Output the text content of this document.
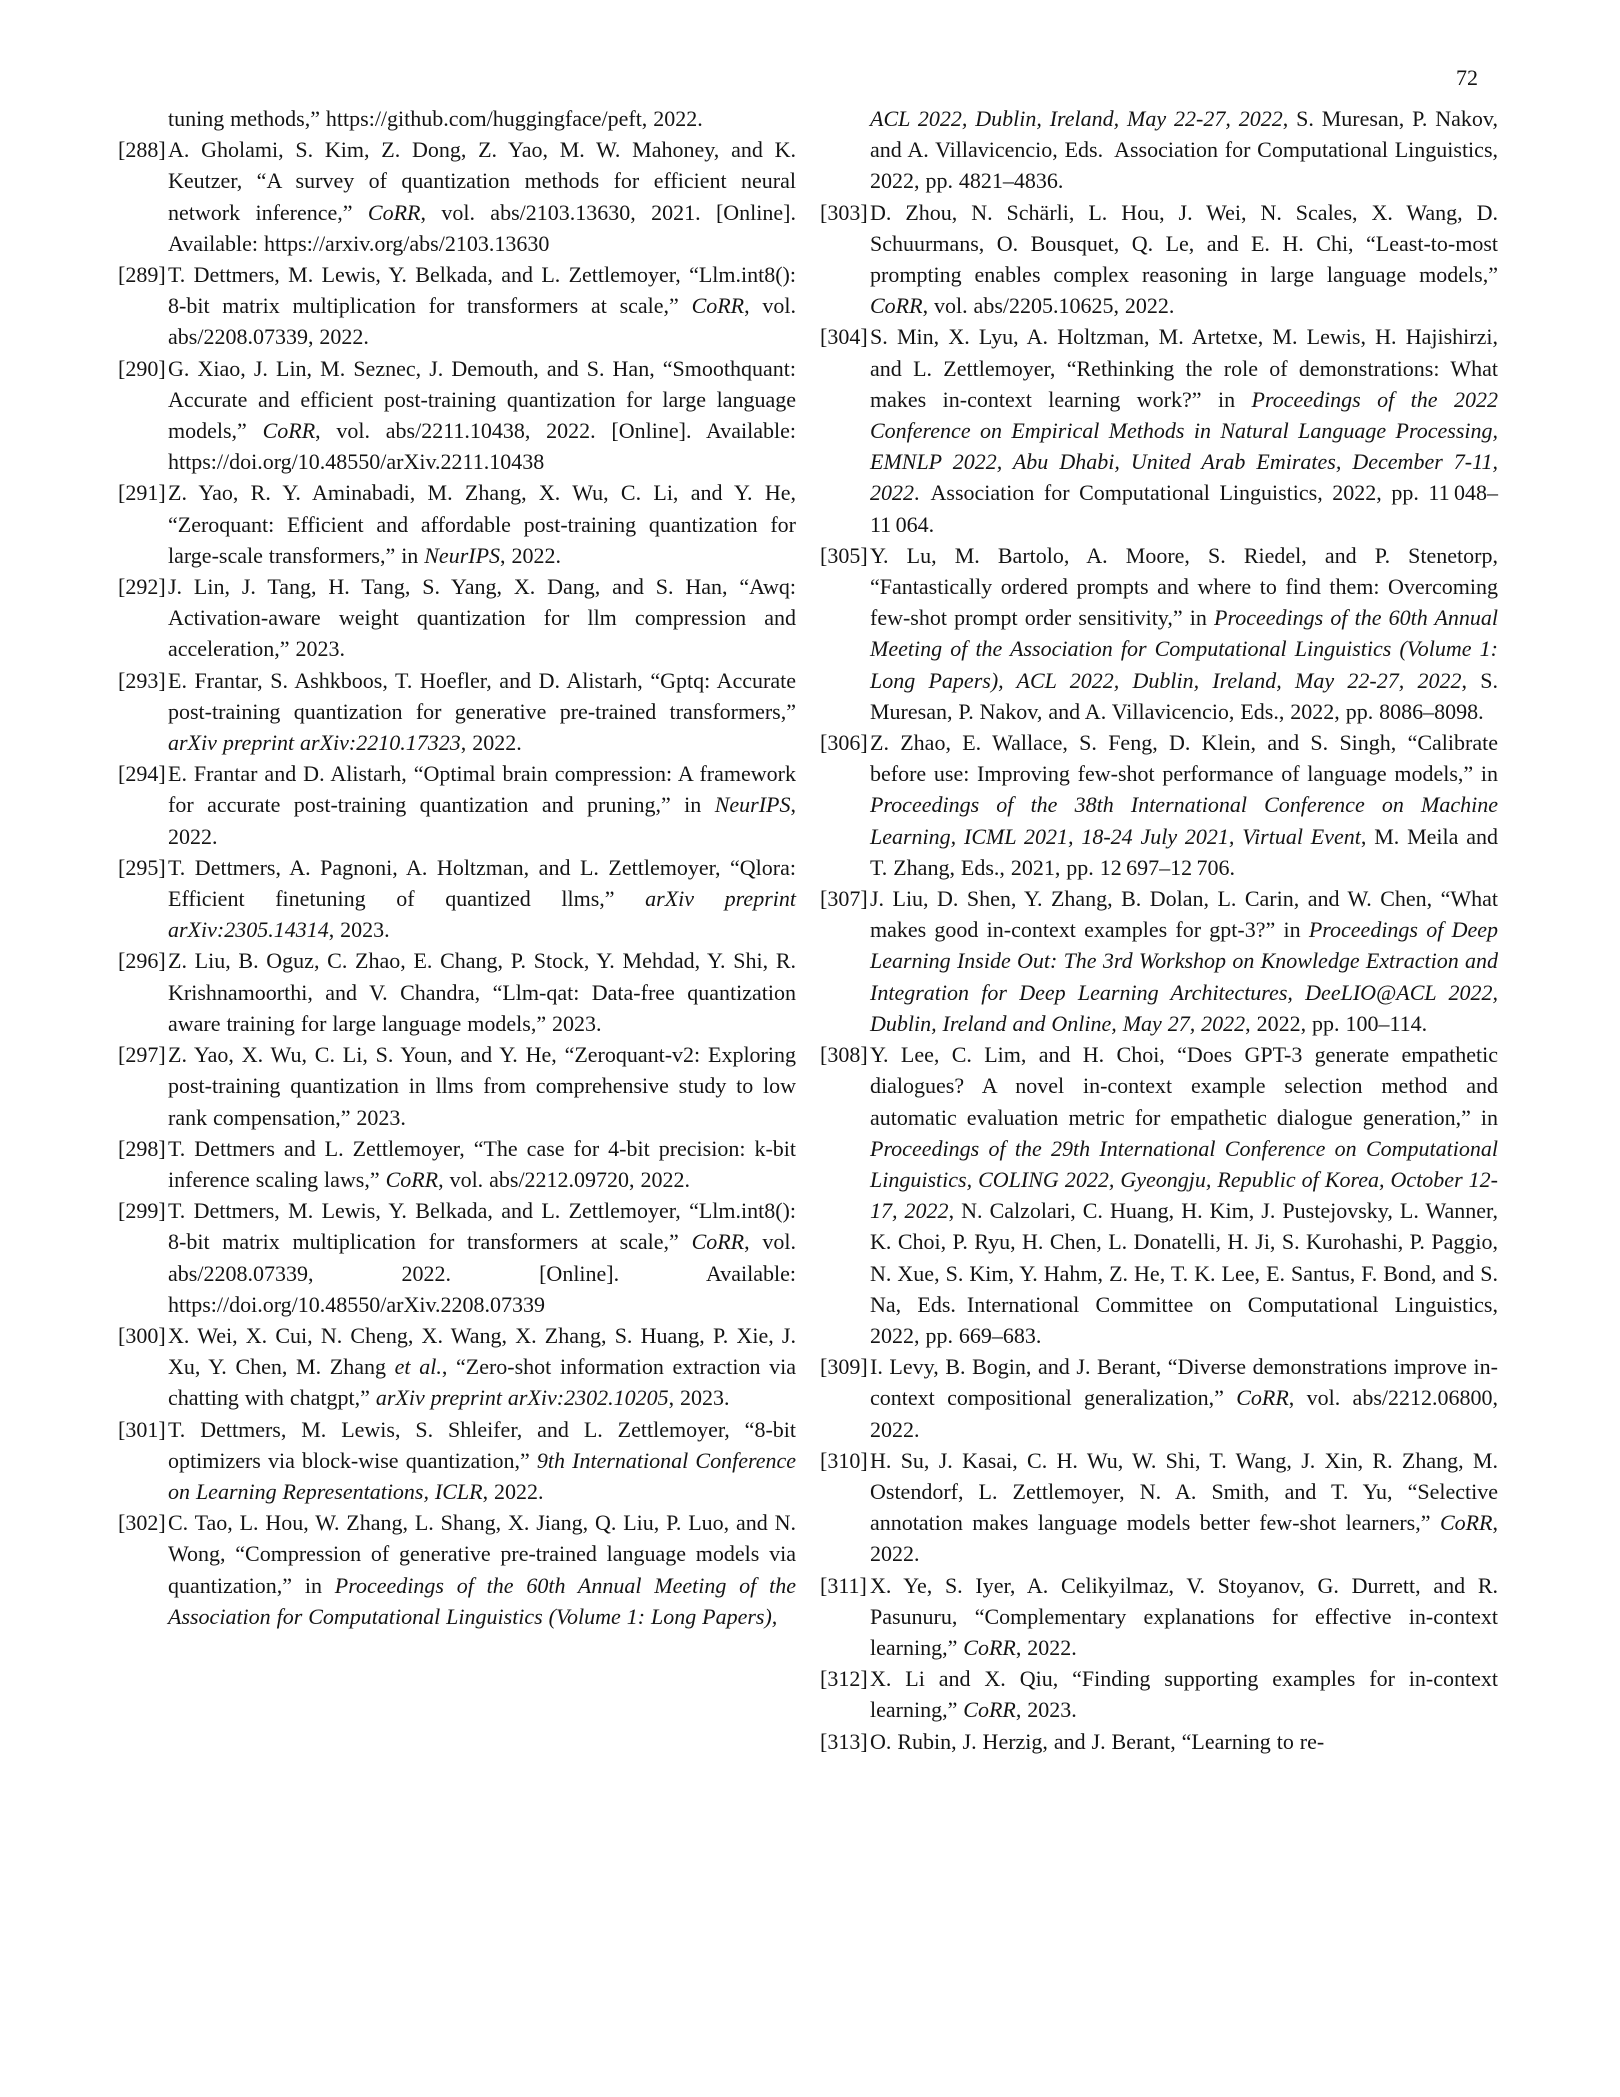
72
tuning methods,” https://github.com/huggingface/peft, 2022.
[288] A. Gholami, S. Kim, Z. Dong, Z. Yao, M. W. Mahoney, and K. Keutzer, “A survey of quantization methods for efficient neural network inference,” CoRR, vol. abs/2103.13630, 2021. [Online]. Available: https://arxiv.org/abs/2103.13630
[289] T. Dettmers, M. Lewis, Y. Belkada, and L. Zettlemoyer, “Llm.int8(): 8-bit matrix multiplication for transformers at scale,” CoRR, vol. abs/2208.07339, 2022.
[290] G. Xiao, J. Lin, M. Seznec, J. Demouth, and S. Han, “Smoothquant: Accurate and efficient post-training quantization for large language models,” CoRR, vol. abs/2211.10438, 2022. [Online]. Available: https://doi.org/10.48550/arXiv.2211.10438
[291] Z. Yao, R. Y. Aminabadi, M. Zhang, X. Wu, C. Li, and Y. He, “Zeroquant: Efficient and affordable post-training quantization for large-scale transformers,” in NeurIPS, 2022.
[292] J. Lin, J. Tang, H. Tang, S. Yang, X. Dang, and S. Han, “Awq: Activation-aware weight quantization for llm compression and acceleration,” 2023.
[293] E. Frantar, S. Ashkboos, T. Hoefler, and D. Alistarh, “Gptq: Accurate post-training quantization for generative pre-trained transformers,” arXiv preprint arXiv:2210.17323, 2022.
[294] E. Frantar and D. Alistarh, “Optimal brain compression: A framework for accurate post-training quantization and pruning,” in NeurIPS, 2022.
[295] T. Dettmers, A. Pagnoni, A. Holtzman, and L. Zettlemoyer, “Qlora: Efficient finetuning of quantized llms,” arXiv preprint arXiv:2305.14314, 2023.
[296] Z. Liu, B. Oguz, C. Zhao, E. Chang, P. Stock, Y. Mehdad, Y. Shi, R. Krishnamoorthi, and V. Chandra, “Llm-qat: Data-free quantization aware training for large language models,” 2023.
[297] Z. Yao, X. Wu, C. Li, S. Youn, and Y. He, “Zeroquant-v2: Exploring post-training quantization in llms from comprehensive study to low rank compensation,” 2023.
[298] T. Dettmers and L. Zettlemoyer, “The case for 4-bit precision: k-bit inference scaling laws,” CoRR, vol. abs/2212.09720, 2022.
[299] T. Dettmers, M. Lewis, Y. Belkada, and L. Zettlemoyer, “Llm.int8(): 8-bit matrix multiplication for transformers at scale,” CoRR, vol. abs/2208.07339, 2022. [Online]. Available: https://doi.org/10.48550/arXiv.2208.07339
[300] X. Wei, X. Cui, N. Cheng, X. Wang, X. Zhang, S. Huang, P. Xie, J. Xu, Y. Chen, M. Zhang et al., “Zero-shot information extraction via chatting with chatgpt,” arXiv preprint arXiv:2302.10205, 2023.
[301] T. Dettmers, M. Lewis, S. Shleifer, and L. Zettlemoyer, “8-bit optimizers via block-wise quantization,” 9th International Conference on Learning Representations, ICLR, 2022.
[302] C. Tao, L. Hou, W. Zhang, L. Shang, X. Jiang, Q. Liu, P. Luo, and N. Wong, “Compression of generative pre-trained language models via quantization,” in Proceedings of the 60th Annual Meeting of the Association for Computational Linguistics (Volume 1: Long Papers),
ACL 2022, Dublin, Ireland, May 22-27, 2022, S. Muresan, P. Nakov, and A. Villavicencio, Eds. Association for Computational Linguistics, 2022, pp. 4821–4836.
[303] D. Zhou, N. Schärli, L. Hou, J. Wei, N. Scales, X. Wang, D. Schuurmans, O. Bousquet, Q. Le, and E. H. Chi, “Least-to-most prompting enables complex reasoning in large language models,” CoRR, vol. abs/2205.10625, 2022.
[304] S. Min, X. Lyu, A. Holtzman, M. Artetxe, M. Lewis, H. Hajishirzi, and L. Zettlemoyer, “Rethinking the role of demonstrations: What makes in-context learning work?” in Proceedings of the 2022 Conference on Empirical Methods in Natural Language Processing, EMNLP 2022, Abu Dhabi, United Arab Emirates, December 7-11, 2022. Association for Computational Linguistics, 2022, pp. 11 048–11 064.
[305] Y. Lu, M. Bartolo, A. Moore, S. Riedel, and P. Stenetorp, “Fantastically ordered prompts and where to find them: Overcoming few-shot prompt order sensitivity,” in Proceedings of the 60th Annual Meeting of the Association for Computational Linguistics (Volume 1: Long Papers), ACL 2022, Dublin, Ireland, May 22-27, 2022, S. Muresan, P. Nakov, and A. Villavicencio, Eds., 2022, pp. 8086–8098.
[306] Z. Zhao, E. Wallace, S. Feng, D. Klein, and S. Singh, “Calibrate before use: Improving few-shot performance of language models,” in Proceedings of the 38th International Conference on Machine Learning, ICML 2021, 18-24 July 2021, Virtual Event, M. Meila and T. Zhang, Eds., 2021, pp. 12 697–12 706.
[307] J. Liu, D. Shen, Y. Zhang, B. Dolan, L. Carin, and W. Chen, “What makes good in-context examples for gpt-3?” in Proceedings of Deep Learning Inside Out: The 3rd Workshop on Knowledge Extraction and Integration for Deep Learning Architectures, DeeLIO@ACL 2022, Dublin, Ireland and Online, May 27, 2022, 2022, pp. 100–114.
[308] Y. Lee, C. Lim, and H. Choi, “Does GPT-3 generate empathetic dialogues? A novel in-context example selection method and automatic evaluation metric for empathetic dialogue generation,” in Proceedings of the 29th International Conference on Computational Linguistics, COLING 2022, Gyeongju, Republic of Korea, October 12-17, 2022, N. Calzolari, C. Huang, H. Kim, J. Pustejovsky, L. Wanner, K. Choi, P. Ryu, H. Chen, L. Donatelli, H. Ji, S. Kurohashi, P. Paggio, N. Xue, S. Kim, Y. Hahm, Z. He, T. K. Lee, E. Santus, F. Bond, and S. Na, Eds. International Committee on Computational Linguistics, 2022, pp. 669–683.
[309] I. Levy, B. Bogin, and J. Berant, “Diverse demonstrations improve in-context compositional generalization,” CoRR, vol. abs/2212.06800, 2022.
[310] H. Su, J. Kasai, C. H. Wu, W. Shi, T. Wang, J. Xin, R. Zhang, M. Ostendorf, L. Zettlemoyer, N. A. Smith, and T. Yu, “Selective annotation makes language models better few-shot learners,” CoRR, 2022.
[311] X. Ye, S. Iyer, A. Celikyilmaz, V. Stoyanov, G. Durrett, and R. Pasunuru, “Complementary explanations for effective in-context learning,” CoRR, 2022.
[312] X. Li and X. Qiu, “Finding supporting examples for in-context learning,” CoRR, 2023.
[313] O. Rubin, J. Herzig, and J. Berant, “Learning to re-
